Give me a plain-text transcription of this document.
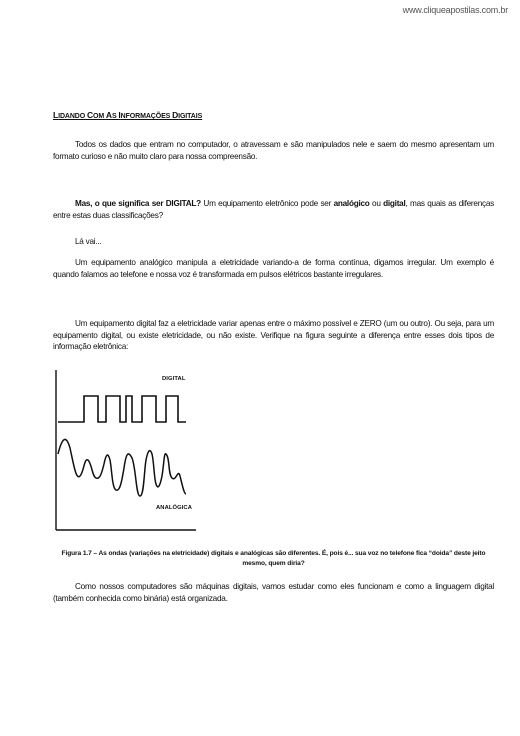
www.cliqueapostilas.com.br
LIDANDO COM AS INFORMAÇÕES DIGITAIS
Todos os dados que entram no computador, o atravessam e são manipulados nele e saem do mesmo apresentam um formato curioso e não muito claro para nossa compreensão.
Mas, o que significa ser DIGITAL? Um equipamento eletrônico pode ser analógico ou digital, mas quais as diferenças entre estas duas classificações?
Lá vai...
Um equipamento analógico manipula a eletricidade variando-a de forma contínua, digamos irregular. Um exemplo é quando falamos ao telefone e nossa voz é transformada em pulsos elétricos bastante irregulares.
Um equipamento digital faz a eletricidade variar apenas entre o máximo possível e ZERO (um ou outro). Ou seja, para um equipamento digital, ou existe eletricidade, ou não existe. Verifique na figura seguinte a diferença entre esses dois tipos de informação eletrônica:
DIGITAL
ANALÓGICA
Figura 1.7 – As ondas (variações na eletricidade) digitais e analógicas são diferentes. É, pois é... sua voz no telefone fica “doida” deste jeito mesmo, quem diria?
Como nossos computadores são máquinas digitais, vamos estudar como eles funcionam e como a linguagem digital (também conhecida como binária) está organizada.
